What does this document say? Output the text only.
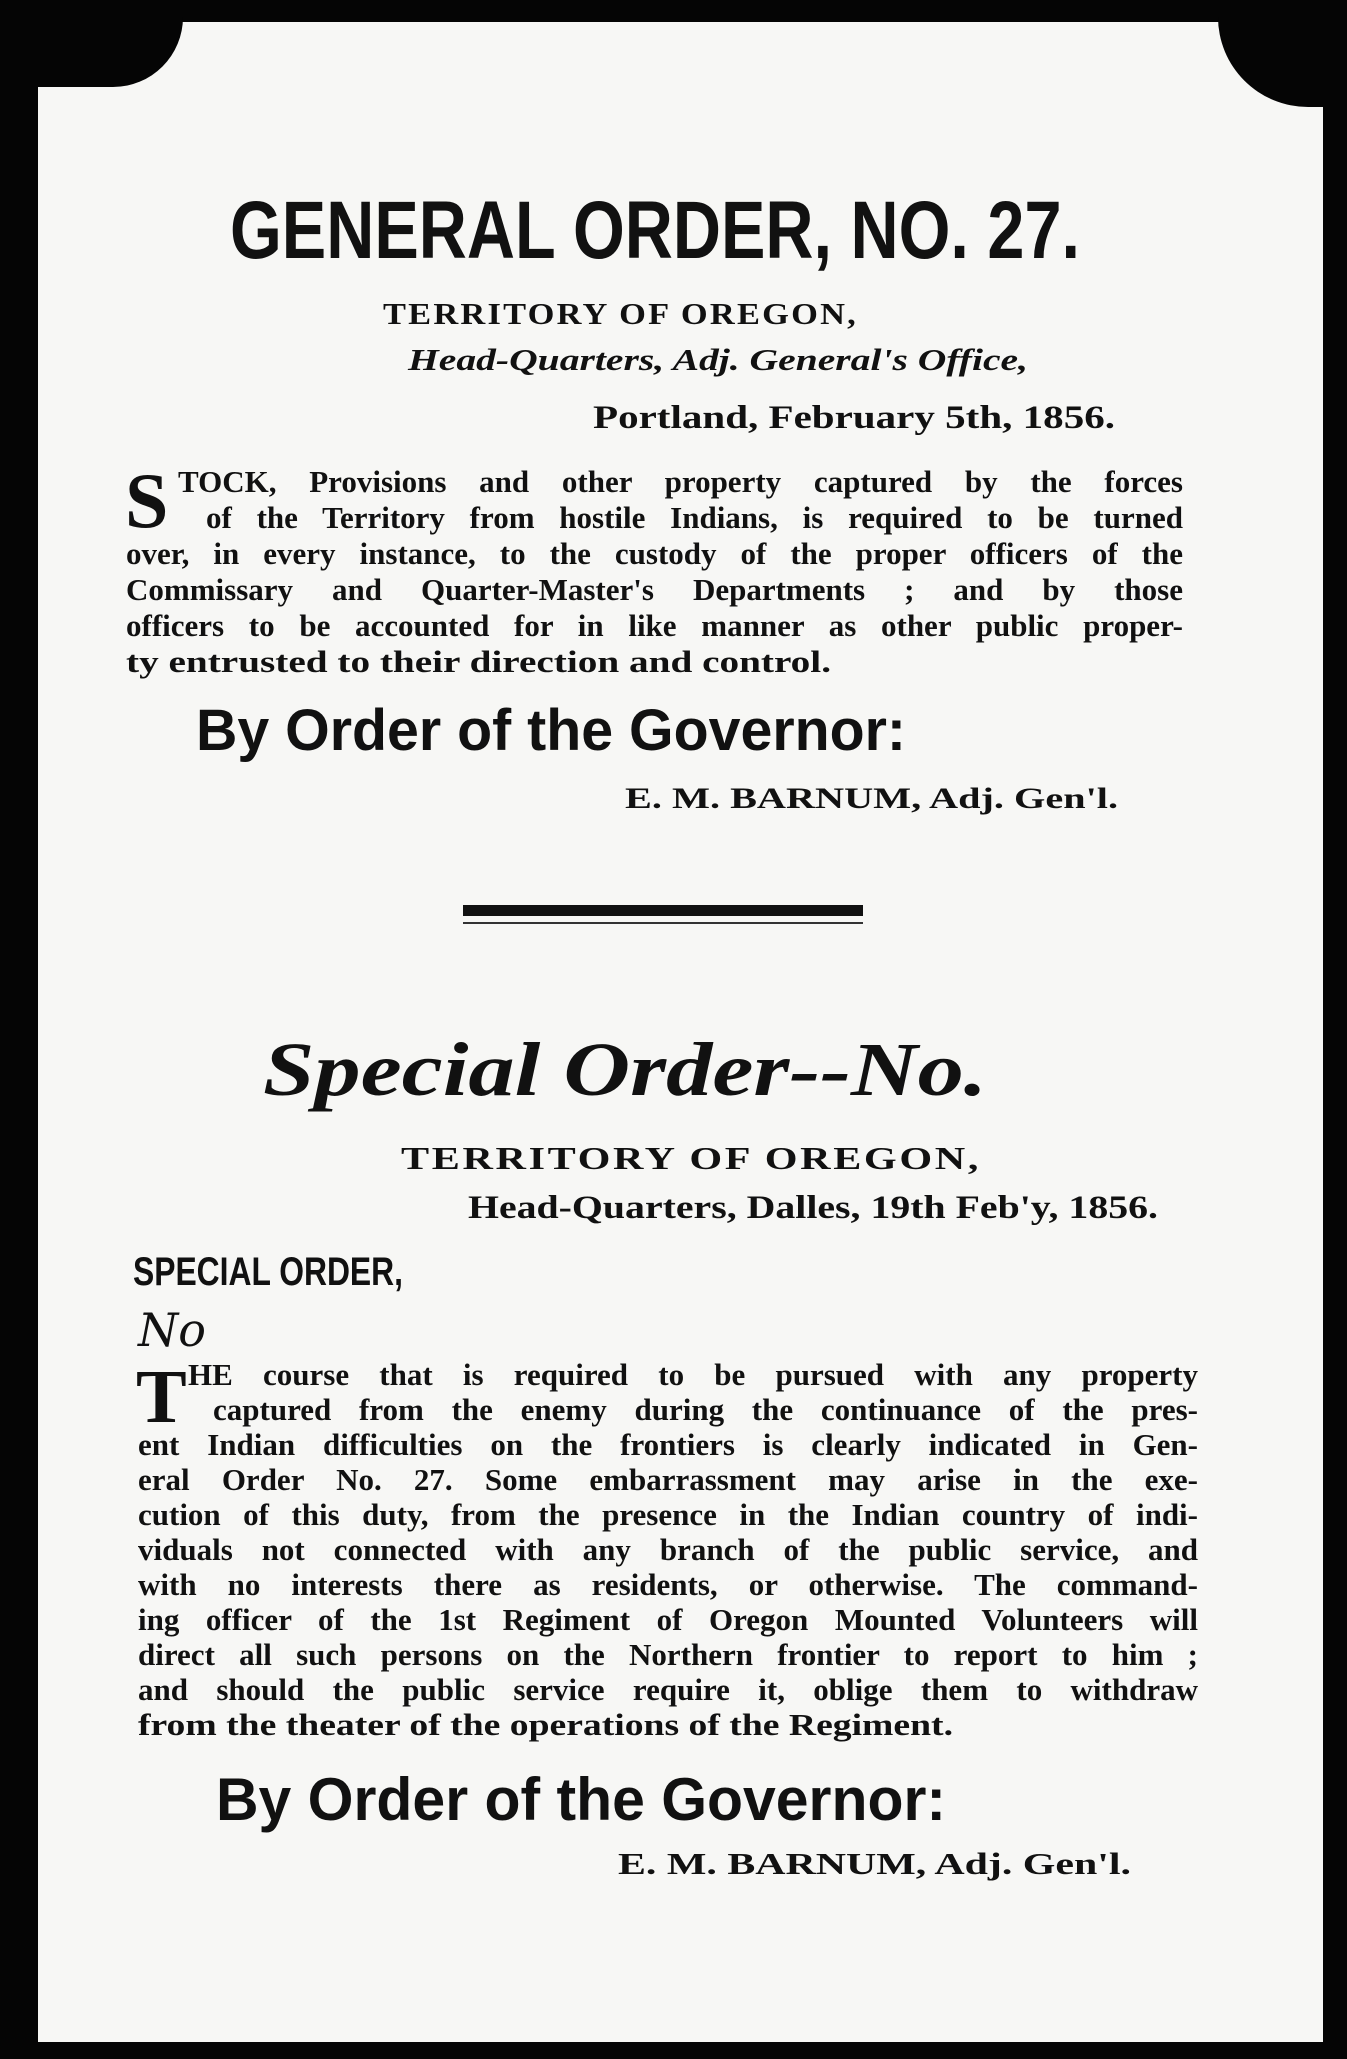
GENERAL ORDER, NO. 27.
TERRITORY OF OREGON,
Head-Quarters, Adj. General's Office,
Portland, February 5th, 1856.
S TOCK, Provisions and other property captured by the forces
of the Territory from hostile Indians, is required to be turned
over, in every instance, to the custody of the proper officers of the
Commissary and Quarter-Master's Departments ; and by those
officers to be accounted for in like manner as other public proper-
ty entrusted to their direction and control.
By Order of the Governor:
E. M. BARNUM, Adj. Gen'l.
Special Order--No.
TERRITORY OF OREGON,
Head-Quarters, Dalles, 19th Feb'y, 1856.
SPECIAL ORDER,
No
T HE course that is required to be pursued with any property
captured from the enemy during the continuance of the pres-
ent Indian difficulties on the frontiers is clearly indicated in Gen-
eral Order No. 27. Some embarrassment may arise in the exe-
cution of this duty, from the presence in the Indian country of indi-
viduals not connected with any branch of the public service, and
with no interests there as residents, or otherwise. The command-
ing officer of the 1st Regiment of Oregon Mounted Volunteers will
direct all such persons on the Northern frontier to report to him ;
and should the public service require it, oblige them to withdraw
from the theater of the operations of the Regiment.
By Order of the Governor:
E. M. BARNUM, Adj. Gen'l.
